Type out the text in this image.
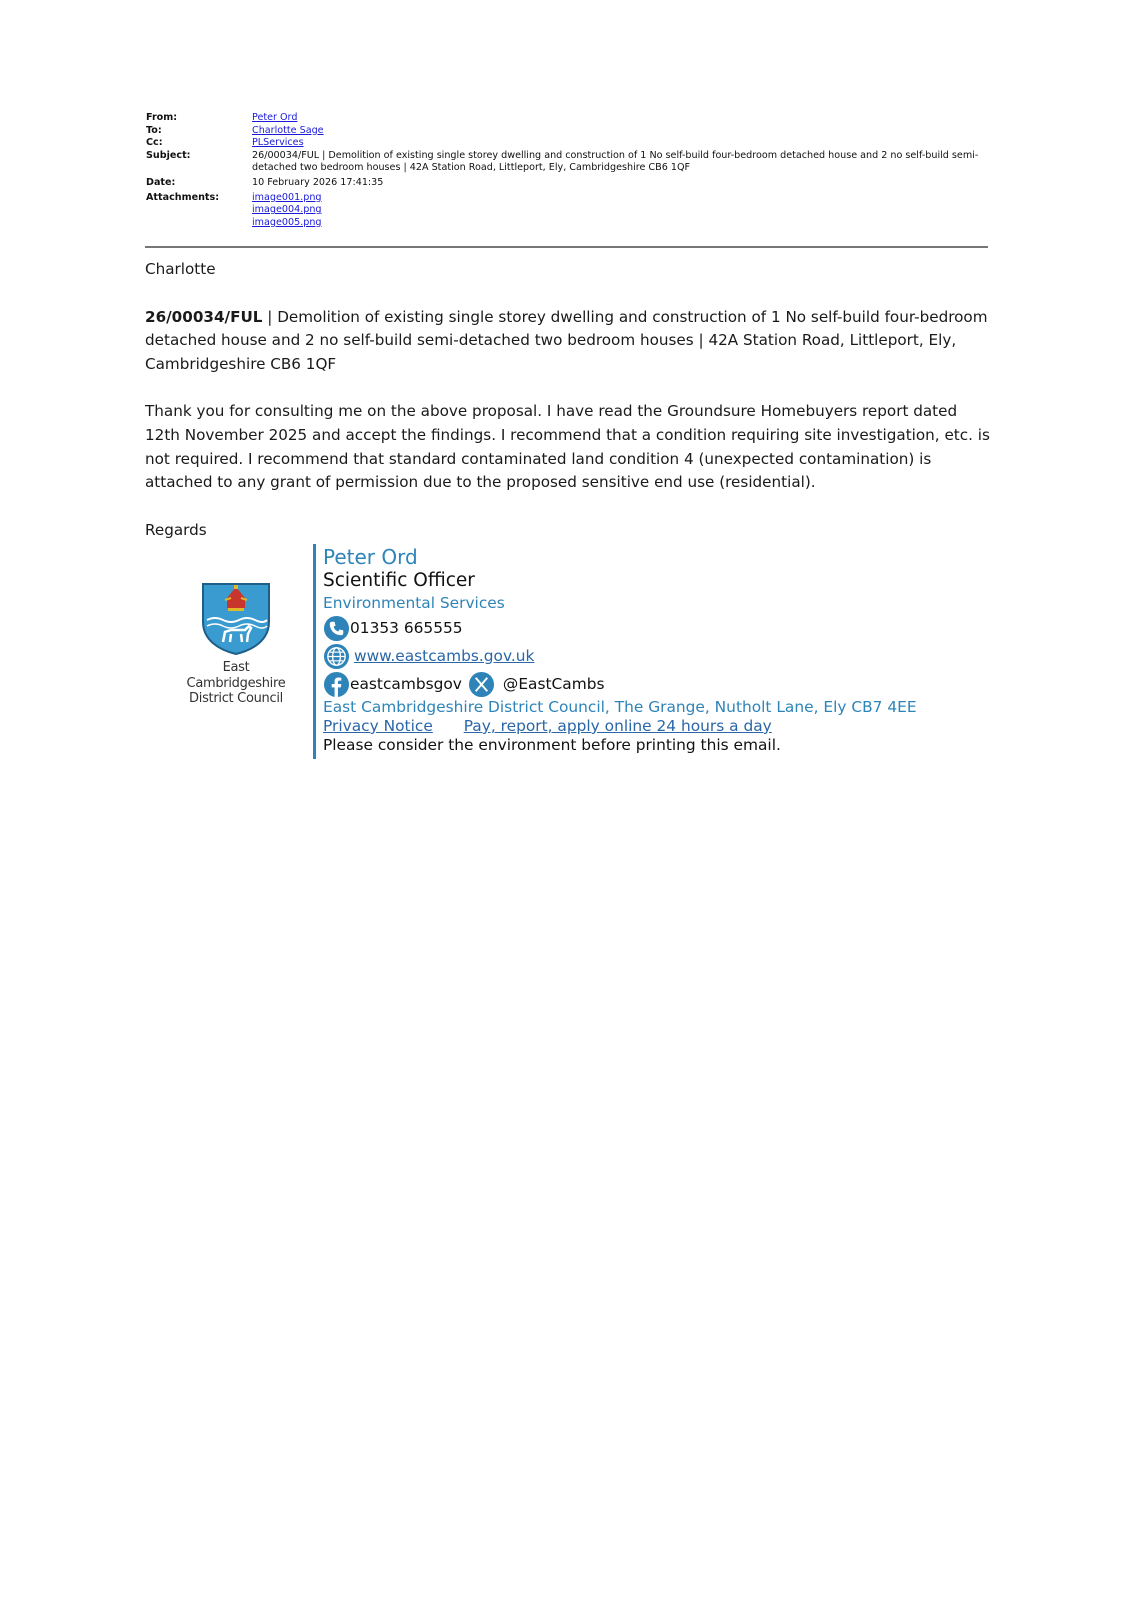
From:	Peter Ord
To:	Charlotte Sage
Cc:	PLServices
Subject:	26/00034/FUL | Demolition of existing single storey dwelling and construction of 1 No self-build four-bedroom detached house and 2 no self-build semi-
detached two bedroom houses | 42A Station Road, Littleport, Ely, Cambridgeshire CB6 1QF
Date:	10 February 2026 17:41:35
Attachments:	image001.png
image004.png
image005.png

Charlotte

26/00034/FUL | Demolition of existing single storey dwelling and construction of 1 No self-build four-bedroom detached house and 2 no self-build semi-detached two bedroom houses | 42A Station Road, Littleport, Ely, Cambridgeshire CB6 1QF

Thank you for consulting me on the above proposal. I have read the Groundsure Homebuyers report dated 12th November 2025 and accept the findings. I recommend that a condition requiring site investigation, etc. is not required. I recommend that standard contaminated land condition 4 (unexpected contamination) is attached to any grant of permission due to the proposed sensitive end use (residential).

Regards

East Cambridgeshire
District Council
Peter Ord
Scientific Officer
Environmental Services
01353 665555
www.eastcambs.gov.uk
eastcambsgov	@EastCambs
East Cambridgeshire District Council, The Grange, Nutholt Lane, Ely CB7 4EE
Privacy Notice Pay, report, apply online 24 hours a day
Please consider the environment before printing this email.
